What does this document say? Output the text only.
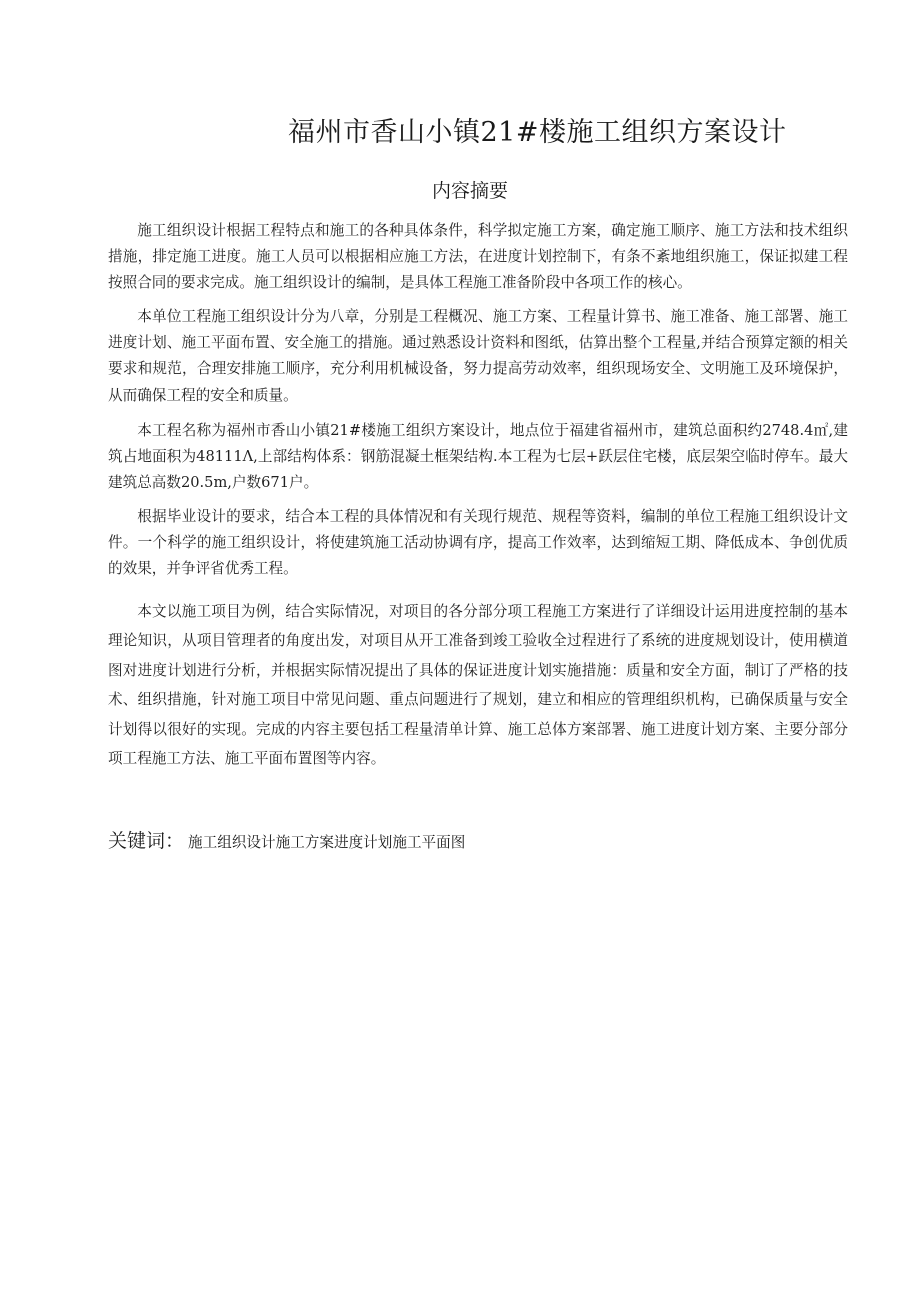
福州市香山小镇21#楼施工组织方案设计
内容摘要

施工组织设计根据工程特点和施工的各种具体条件，科学拟定施工方案，确定施工顺序、施工方法和技术组织措施，排定施工进度。施工人员可以根据相应施工方法，在进度计划控制下，有条不紊地组织施工，保证拟建工程按照合同的要求完成。施工组织设计的编制，是具体工程施工准备阶段中各项工作的核心。

本单位工程施工组织设计分为八章，分别是工程概况、施工方案、工程量计算书、施工准备、施工部署、施工进度计划、施工平面布置、安全施工的措施。通过熟悉设计资料和图纸，估算出整个工程量,并结合预算定额的相关要求和规范，合理安排施工顺序，充分利用机械设备，努力提高劳动效率，组织现场安全、文明施工及环境保护，从而确保工程的安全和质量。

本工程名称为福州市香山小镇21#楼施工组织方案设计，地点位于福建省福州市，建筑总面积约2748.4㎡,建筑占地面积为48111Λ,上部结构体系：钢筋混凝土框架结构.本工程为七层+跃层住宅楼，底层架空临时停车。最大建筑总高数20.5m,户数671户。

根据毕业设计的要求，结合本工程的具体情况和有关现行规范、规程等资料，编制的单位工程施工组织设计文件。一个科学的施工组织设计，将使建筑施工活动协调有序，提高工作效率，达到缩短工期、降低成本、争创优质的效果，并争评省优秀工程。

本文以施工项目为例，结合实际情况，对项目的各分部分项工程施工方案进行了详细设计运用进度控制的基本理论知识，从项目管理者的角度出发，对项目从开工准备到竣工验收全过程进行了系统的进度规划设计，使用横道图对进度计划进行分析，并根据实际情况提出了具体的保证进度计划实施措施：质量和安全方面，制订了严格的技术、组织措施，针对施工项目中常见问题、重点问题进行了规划，建立和相应的管理组织机构，已确保质量与安全计划得以很好的实现。完成的内容主要包括工程量清单计算、施工总体方案部署、施工进度计划方案、主要分部分项工程施工方法、施工平面布置图等内容。

关键词： 施工组织设计施工方案进度计划施工平面图
